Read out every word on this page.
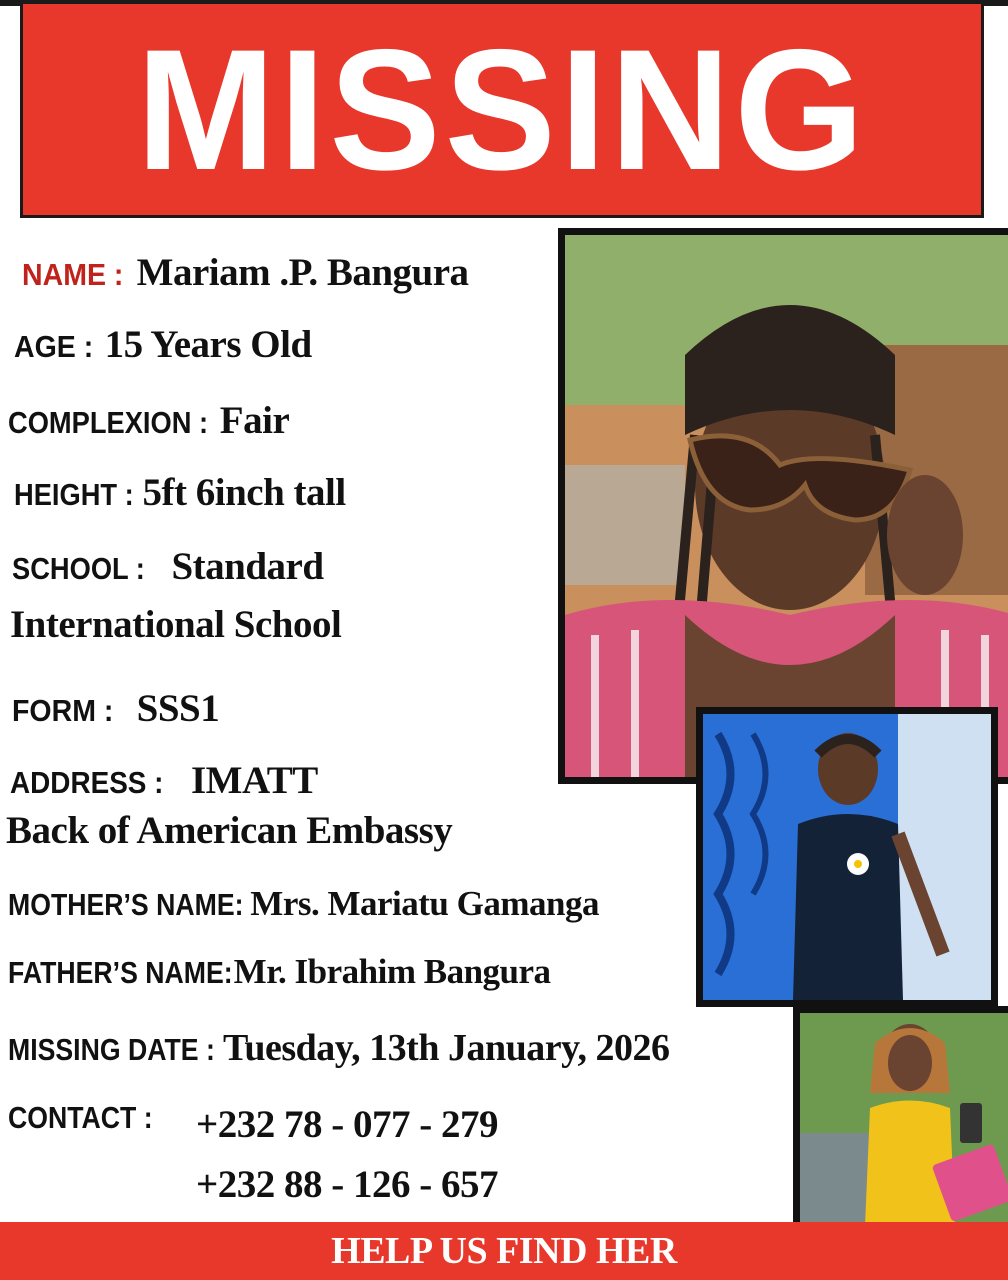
MISSING
NAME : Mariam .P. Bangura
AGE : 15 Years Old
COMPLEXION : Fair
HEIGHT : 5ft 6inch tall
SCHOOL : Standard
International School
FORM : SSS1
ADDRESS : IMATT
Back of American Embassy
MOTHER’S NAME: Mrs. Mariatu Gamanga
FATHER’S NAME: Mr. Ibrahim Bangura
MISSING DATE : Tuesday, 13th January, 2026
CONTACT :	+232 78 - 077 - 279
+232 88 - 126 - 657
HELP US FIND HER
